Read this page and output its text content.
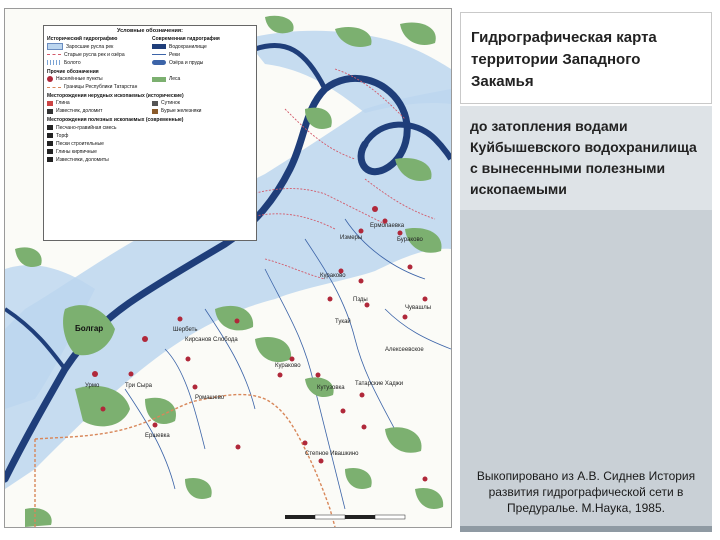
Болгар
Кураково
Ермолаевка
Измеры	Бураково
Пзды
Чувашлы
Тукай
Шербеть
Урмо	Три Сыра
Степное Ивашкино
Ершевка
Кирсанов Слобода
Алексеевское
Татарские Хаджи
Кутузовка
Кураково
Ромашево
Условные обозначения:
Исторический гидрографию	Современная гидрография
Заросшие русла рек	Водохранилище
Старые русла рек и озёра	Реки
Болото	Озёра и пруды
Прочие обозначения
Населённые пункты	Леса
Границы Республики Татарстан
Месторождения нерудных ископаемых (исторические)
Глина	Сутинок
Известняк, доломит	Бурые железняки
Месторождения полезных ископаемых (современные)
Песчано-гравийная смесь
Торф
Пески строительные
Глины кирпичные
Известняки, доломиты
Гидрографическая карта территории Западного Закамья
до затопления водами Куйбышевского водохранилища с вынесенными полезными ископаемыми
Выкопировано из А.В. Сиднев История развития гидрографической сети в Предуралье. М.Наука, 1985.
